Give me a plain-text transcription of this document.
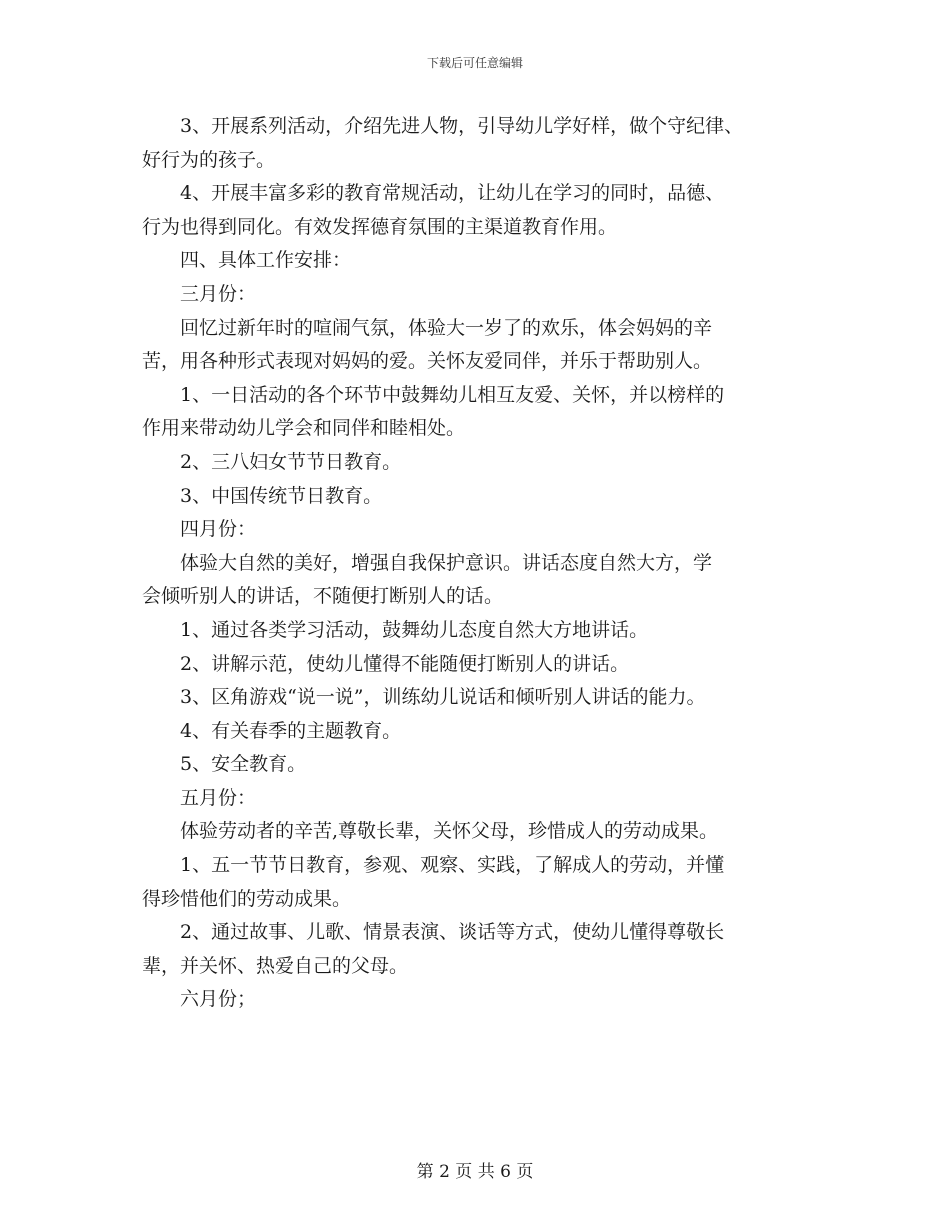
下载后可任意编辑
3、开展系列活动，介绍先进人物，引导幼儿学好样，做个守纪律、
好行为的孩子。
4、开展丰富多彩的教育常规活动，让幼儿在学习的同时，品德、
行为也得到同化。有效发挥德育氛围的主渠道教育作用。
四、具体工作安排：
三月份：
回忆过新年时的喧闹气氛，体验大一岁了的欢乐，体会妈妈的辛
苦，用各种形式表现对妈妈的爱。关怀友爱同伴，并乐于帮助别人。
1、一日活动的各个环节中鼓舞幼儿相互友爱、关怀，并以榜样的
作用来带动幼儿学会和同伴和睦相处。
2、三八妇女节节日教育。
3、中国传统节日教育。
四月份：
体验大自然的美好，增强自我保护意识。讲话态度自然大方，学
会倾听别人的讲话，不随便打断别人的话。
1、通过各类学习活动，鼓舞幼儿态度自然大方地讲话。
2、讲解示范，使幼儿懂得不能随便打断别人的讲话。
3、区角游戏“说一说”，训练幼儿说话和倾听别人讲话的能力。
4、有关春季的主题教育。
5、安全教育。
五月份：
体验劳动者的辛苦,尊敬长辈，关怀父母，珍惜成人的劳动成果。
1、五一节节日教育，参观、观察、实践，了解成人的劳动，并懂
得珍惜他们的劳动成果。
2、通过故事、儿歌、情景表演、谈话等方式，使幼儿懂得尊敬长
辈，并关怀、热爱自己的父母。
六月份；
第 2 页 共 6 页
